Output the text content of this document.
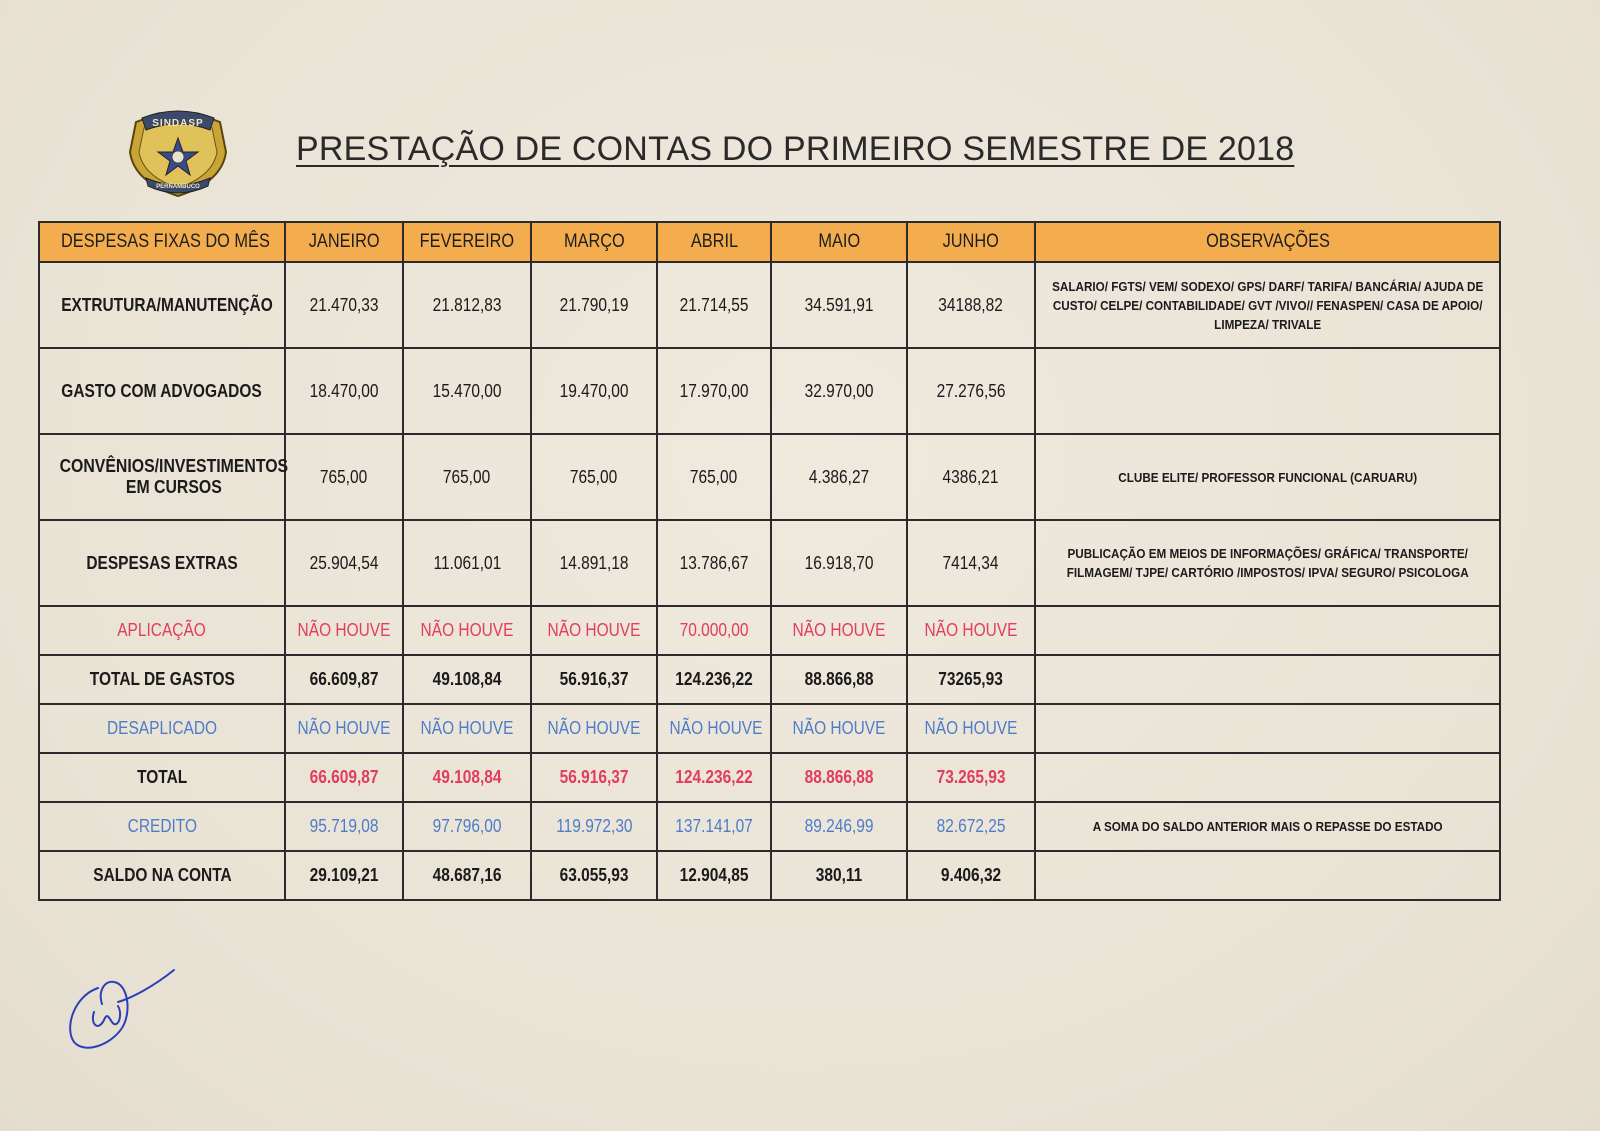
SINDASP
PERNAMBUCO
PRESTAÇÃO DE CONTAS DO PRIMEIRO SEMESTRE DE 2018
DESPESAS FIXAS DO MÊS	JANEIRO	FEVEREIRO	MARÇO	ABRIL	MAIO	JUNHO	OBSERVAÇÕES
EXTRUTURA/MANUTENÇÃO	21.470,33	21.812,83	21.790,19	21.714,55	34.591,91	34188,82	SALARIO/ FGTS/ VEM/ SODEXO/ GPS/ DARF/ TARIFA/ BANCÁRIA/ AJUDA DE CUSTO/ CELPE/ CONTABILIDADE/ GVT /VIVO// FENASPEN/ CASA DE APOIO/ LIMPEZA/ TRIVALE
GASTO COM ADVOGADOS	18.470,00	15.470,00	19.470,00	17.970,00	32.970,00	27.276,56	
CONVÊNIOS/INVESTIMENTOS EM CURSOS	765,00	765,00	765,00	765,00	4.386,27	4386,21	CLUBE ELITE/ PROFESSOR FUNCIONAL (CARUARU)
DESPESAS EXTRAS	25.904,54	11.061,01	14.891,18	13.786,67	16.918,70	7414,34	PUBLICAÇÃO EM MEIOS DE INFORMAÇÕES/ GRÁFICA/ TRANSPORTE/ FILMAGEM/ TJPE/ CARTÓRIO /IMPOSTOS/ IPVA/ SEGURO/ PSICOLOGA
APLICAÇÃO	NÃO HOUVE	NÃO HOUVE	NÃO HOUVE	70.000,00	NÃO HOUVE	NÃO HOUVE	
TOTAL DE GASTOS	66.609,87	49.108,84	56.916,37	124.236,22	88.866,88	73265,93	
DESAPLICADO	NÃO HOUVE	NÃO HOUVE	NÃO HOUVE	NÃO HOUVE	NÃO HOUVE	NÃO HOUVE	
TOTAL	66.609,87	49.108,84	56.916,37	124.236,22	88.866,88	73.265,93	
CREDITO	95.719,08	97.796,00	119.972,30	137.141,07	89.246,99	82.672,25	A SOMA DO SALDO ANTERIOR MAIS O REPASSE DO ESTADO
SALDO NA CONTA	29.109,21	48.687,16	63.055,93	12.904,85	380,11	9.406,32	
